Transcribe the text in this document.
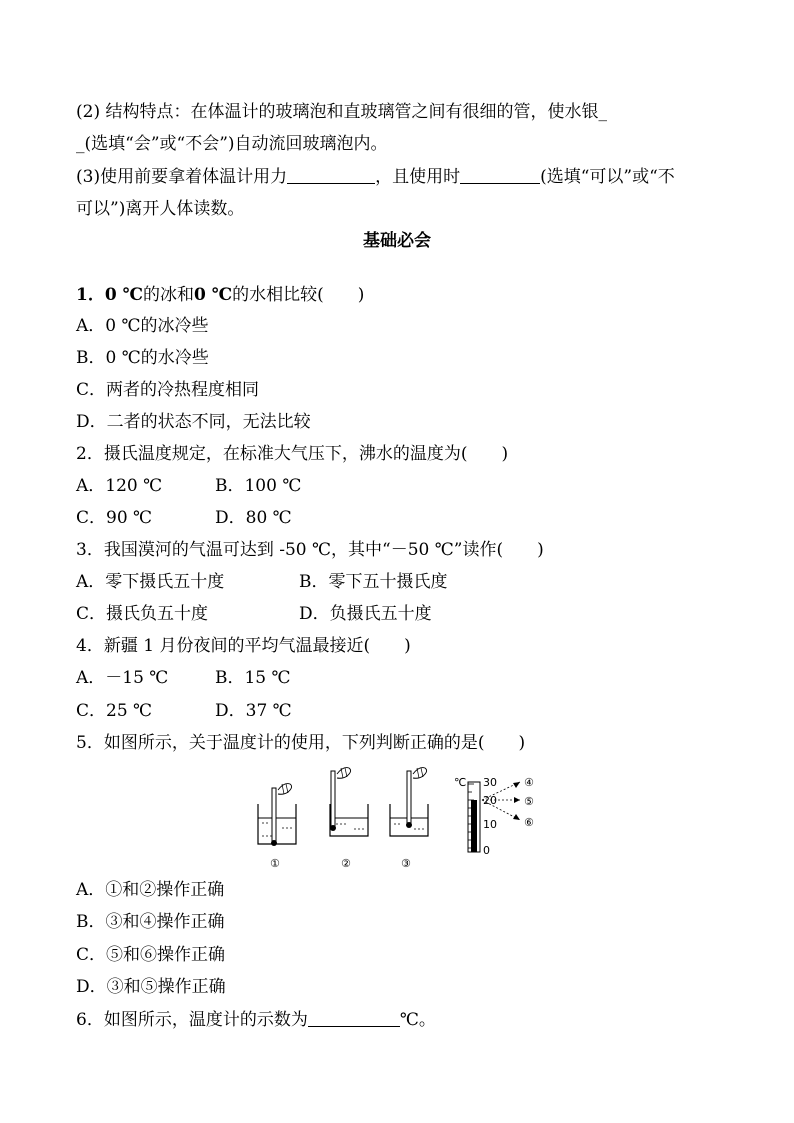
(2) 结构特点：在体温计的玻璃泡和直玻璃管之间有很细的管，使水银_
_(选填“会”或“不会”)自动流回玻璃泡内。
(3)使用前要拿着体温计用力	，且使用时	(选填“可以”或“不
可以”)离开人体读数。
基础必会
1．0 ℃的冰和0 ℃的水相比较(　　)
A．0 ℃的冰冷些
B．0 ℃的水冷些
C．两者的冷热程度相同
D．二者的状态不同，无法比较
2．摄氏温度规定，在标准大气压下，沸水的温度为(　　)
A．120 ℃	B．100 ℃
C．90 ℃	D．80 ℃
3．我国漠河的气温可达到 -50 ℃，其中“－50 ℃”读作(　　)
A．零下摄氏五十度	B．零下五十摄氏度
C．摄氏负五十度	D．负摄氏五十度
4．新疆 1 月份夜间的平均气温最接近(　　)
A．－15 ℃	B．15 ℃
C．25 ℃	D．37 ℃
5．如图所示，关于温度计的使用，下列判断正确的是(　　)
①	②	③
℃ 30
20
10
0
④
⑤
⑥
A．①和②操作正确
B．③和④操作正确
C．⑤和⑥操作正确
D．③和⑤操作正确
6．如图所示，温度计的示数为	℃。
